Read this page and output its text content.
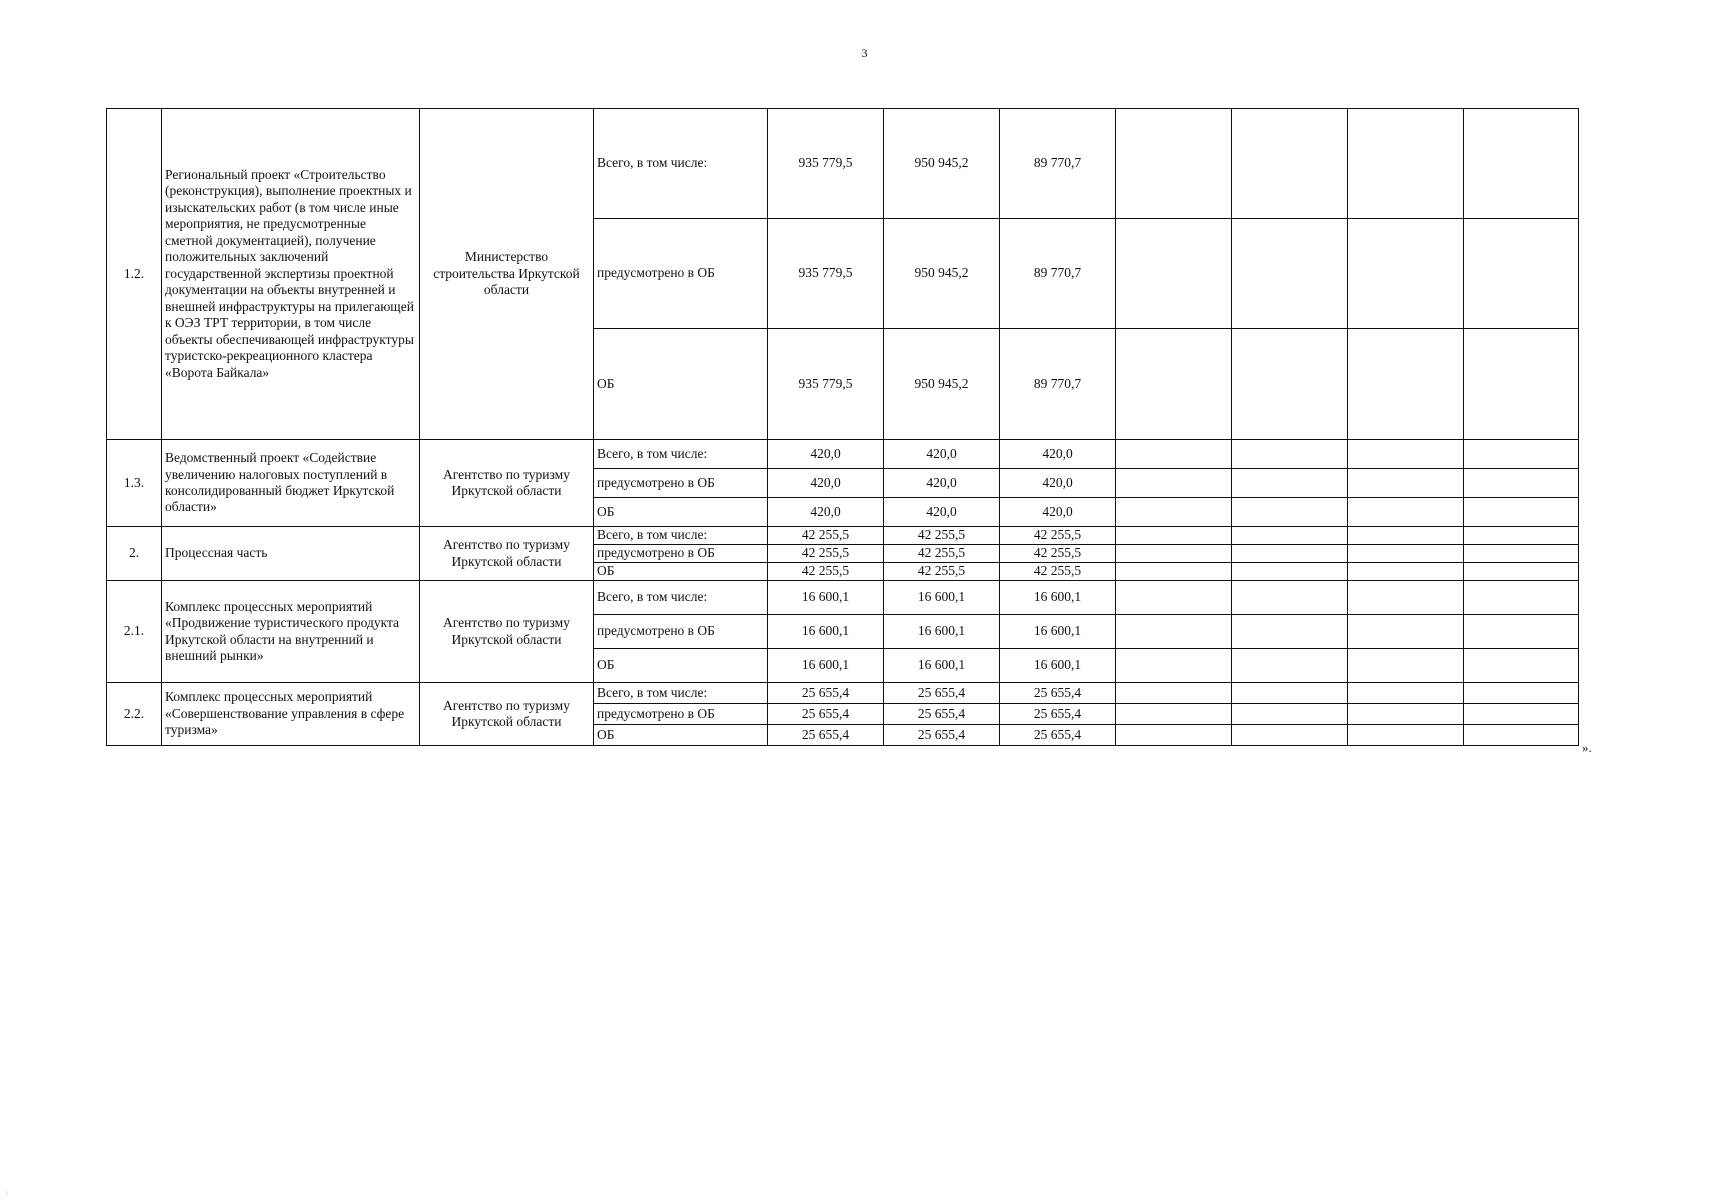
3
1.2.	Региональный проект «Строительство (реконструкция), выполнение проектных и изыскательских работ (в том числе иные мероприятия, не предусмотренные сметной документацией), получение положительных заключений государственной экспертизы проектной документации на объекты внутренней и внешней инфраструктуры на прилегающей к ОЭЗ ТРТ территории, в том числе объекты обеспечивающей инфраструктуры туристско-рекреационного кластера «Ворота Байкала»	Министерство строительства Иркутской области	Всего, в том числе:	935 779,5	950 945,2	89 770,7				
			предусмотрено в ОБ	935 779,5	950 945,2	89 770,7				
			ОБ	935 779,5	950 945,2	89 770,7				
1.3.	Ведомственный проект «Содействие увеличению налоговых поступлений в консолидированный бюджет Иркутской области»	Агентство по туризму Иркутской области	Всего, в том числе:	420,0	420,0	420,0				
			предусмотрено в ОБ	420,0	420,0	420,0				
			ОБ	420,0	420,0	420,0				
2.	Процессная часть	Агентство по туризму Иркутской области	Всего, в том числе:	42 255,5	42 255,5	42 255,5				
			предусмотрено в ОБ	42 255,5	42 255,5	42 255,5				
			ОБ	42 255,5	42 255,5	42 255,5				
2.1.	Комплекс процессных мероприятий «Продвижение туристического продукта Иркутской области на внутренний и внешний рынки»	Агентство по туризму Иркутской области	Всего, в том числе:	16 600,1	16 600,1	16 600,1				
			предусмотрено в ОБ	16 600,1	16 600,1	16 600,1				
			ОБ	16 600,1	16 600,1	16 600,1				
2.2.	Комплекс процессных мероприятий «Совершенствование управления в сфере туризма»	Агентство по туризму Иркутской области	Всего, в том числе:	25 655,4	25 655,4	25 655,4				
			предусмотрено в ОБ	25 655,4	25 655,4	25 655,4				
			ОБ	25 655,4	25 655,4	25 655,4				
».
\
